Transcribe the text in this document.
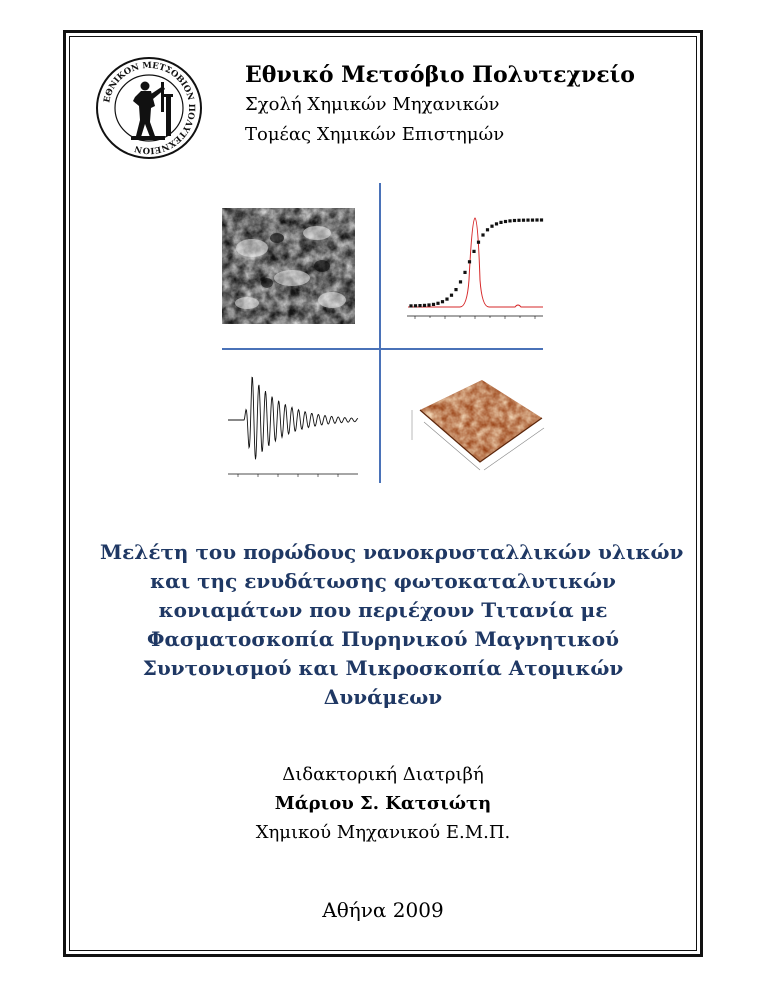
ΕΘΝΙΚΟΝ ΜΕΤΣΟΒΙΟΝ ΠΟΛΥΤΕΧΝΕΙΟΝ
Εθνικό Μετσόβιο Πολυτεχνείο
Σχολή Χημικών Μηχανικών
Τομέας Χημικών Επιστημών
Μελέτη του πορώδους νανοκρυσταλλικών υλικών
και της ενυδάτωσης φωτοκαταλυτικών
κονιαμάτων που περιέχουν Τιτανία με
Φασματοσκοπία Πυρηνικού Μαγνητικού
Συντονισμού και Μικροσκοπία Ατομικών
Δυνάμεων
Διδακτορική Διατριβή
Μάριου Σ. Κατσιώτη
Χημικού Μηχανικού Ε.Μ.Π.
Αθήνα 2009
